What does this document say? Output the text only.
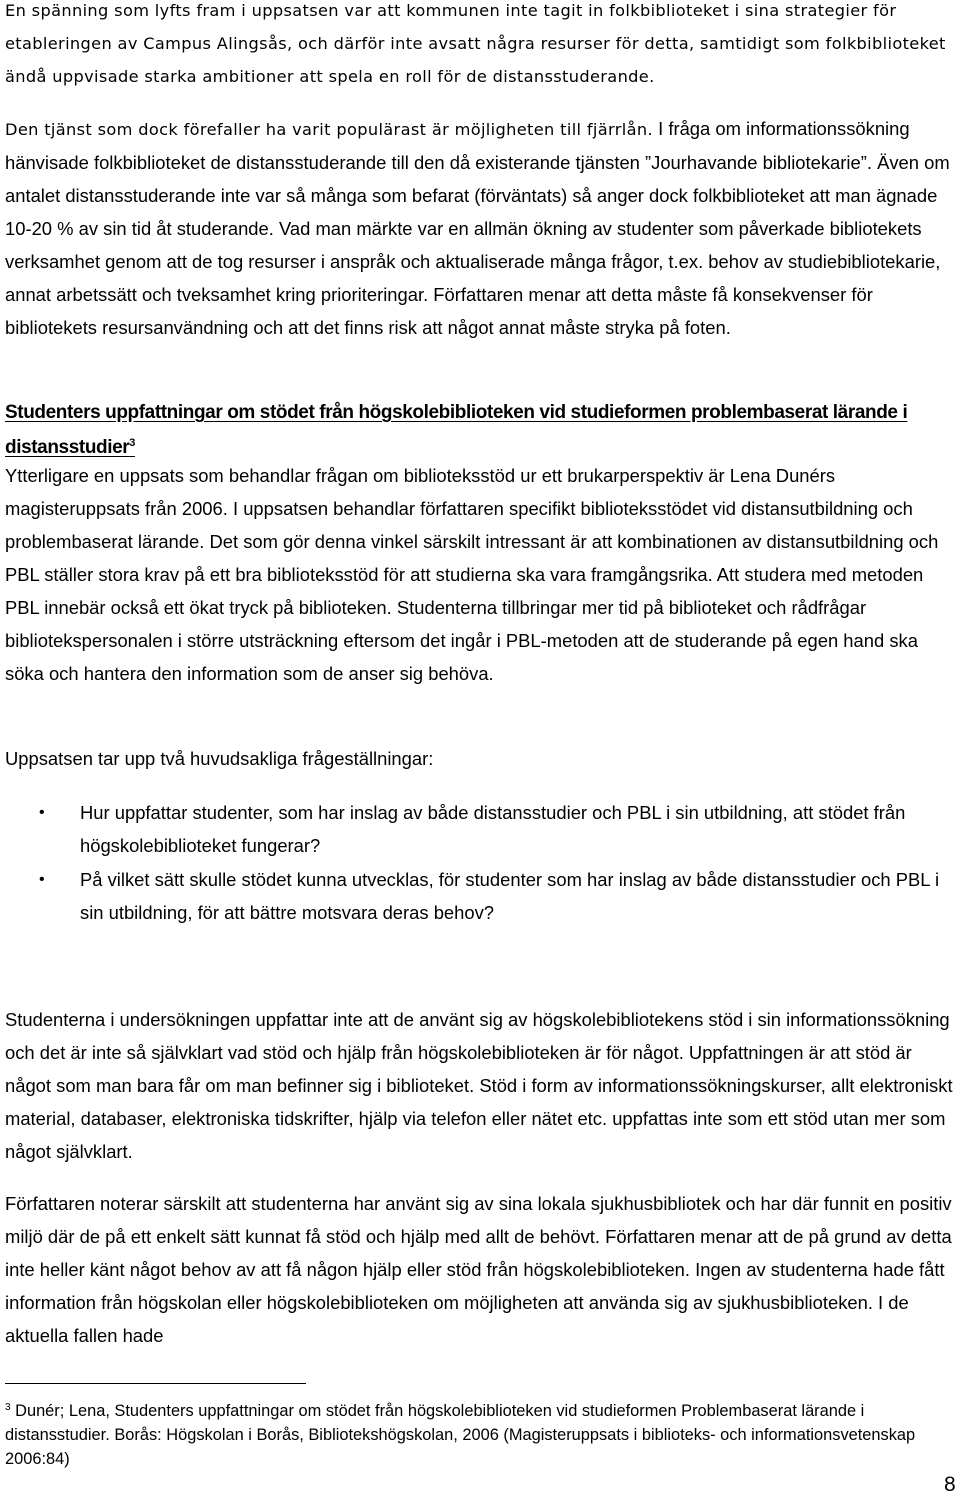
En spänning som lyfts fram i uppsatsen var att kommunen inte tagit in folkbiblioteket i sina strategier för etableringen av Campus Alingsås, och därför inte avsatt några resurser för detta, samtidigt som folkbiblioteket ändå uppvisade starka ambitioner att spela en roll för de distansstuderande.

Den tjänst som dock förefaller ha varit populärast är möjligheten till fjärrlån. I fråga om informationssökning hänvisade folkbiblioteket de distansstuderande till den då existerande tjänsten ”Jourhavande bibliotekarie”. Även om antalet distansstuderande inte var så många som befarat (förväntats) så anger dock folkbiblioteket att man ägnade 10-20 % av sin tid åt studerande. Vad man märkte var en allmän ökning av studenter som påverkade bibliotekets verksamhet genom att de tog resurser i anspråk och aktualiserade många frågor, t.ex. behov av studiebibliotekarie, annat arbetssätt och tveksamhet kring prioriteringar. Författaren menar att detta måste få konsekvenser för bibliotekets resursanvändning och att det finns risk att något annat måste stryka på foten.

Studenters uppfattningar om stödet från högskolebiblioteken vid studieformen problembaserat lärande i distansstudier$^3$

Ytterligare en uppsats som behandlar frågan om biblioteksstöd ur ett brukarperspektiv är Lena Dunérs magisteruppsats från 2006. I uppsatsen behandlar författaren specifikt biblioteksstödet vid distansutbildning och problembaserat lärande. Det som gör denna vinkel särskilt intressant är att kombinationen av distansutbildning och PBL ställer stora krav på ett bra biblioteksstöd för att studierna ska vara framgångsrika. Att studera med metoden PBL innebär också ett ökat tryck på biblioteken. Studenterna tillbringar mer tid på biblioteket och rådfrågar bibliotekspersonalen i större utsträckning eftersom det ingår i PBL-metoden att de studerande på egen hand ska söka och hantera den information som de anser sig behöva.

Uppsatsen tar upp två huvudsakliga frågeställningar:

• Hur uppfattar studenter, som har inslag av både distansstudier och PBL i sin utbildning, att stödet från högskolebiblioteket fungerar?
• På vilket sätt skulle stödet kunna utvecklas, för studenter som har inslag av både distansstudier och PBL i sin utbildning, för att bättre motsvara deras behov?

Studenterna i undersökningen uppfattar inte att de använt sig av högskolebibliotekens stöd i sin informationssökning och det är inte så självklart vad stöd och hjälp från högskolebiblioteken är för något. Uppfattningen är att stöd är något som man bara får om man befinner sig i biblioteket. Stöd i form av informationssökningskurser, allt elektroniskt material, databaser, elektroniska tidskrifter, hjälp via telefon eller nätet etc. uppfattas inte som ett stöd utan mer som något självklart.

Författaren noterar särskilt att studenterna har använt sig av sina lokala sjukhusbibliotek och har där funnit en positiv miljö där de på ett enkelt sätt kunnat få stöd och hjälp med allt de behövt. Författaren menar att de på grund av detta inte heller känt något behov av att få någon hjälp eller stöd från högskolebiblioteken. Ingen av studenterna hade fått information från högskolan eller högskolebiblioteken om möjligheten att använda sig av sjukhusbiblioteken. I de aktuella fallen hade

$^3$ Dunér; Lena, Studenters uppfattningar om stödet från högskolebiblioteken vid studieformen Problembaserat lärande i distansstudier. Borås: Högskolan i Borås, Bibliotekshögskolan, 2006 (Magisteruppsats i biblioteks- och informationsvetenskap 2006:84)

8
